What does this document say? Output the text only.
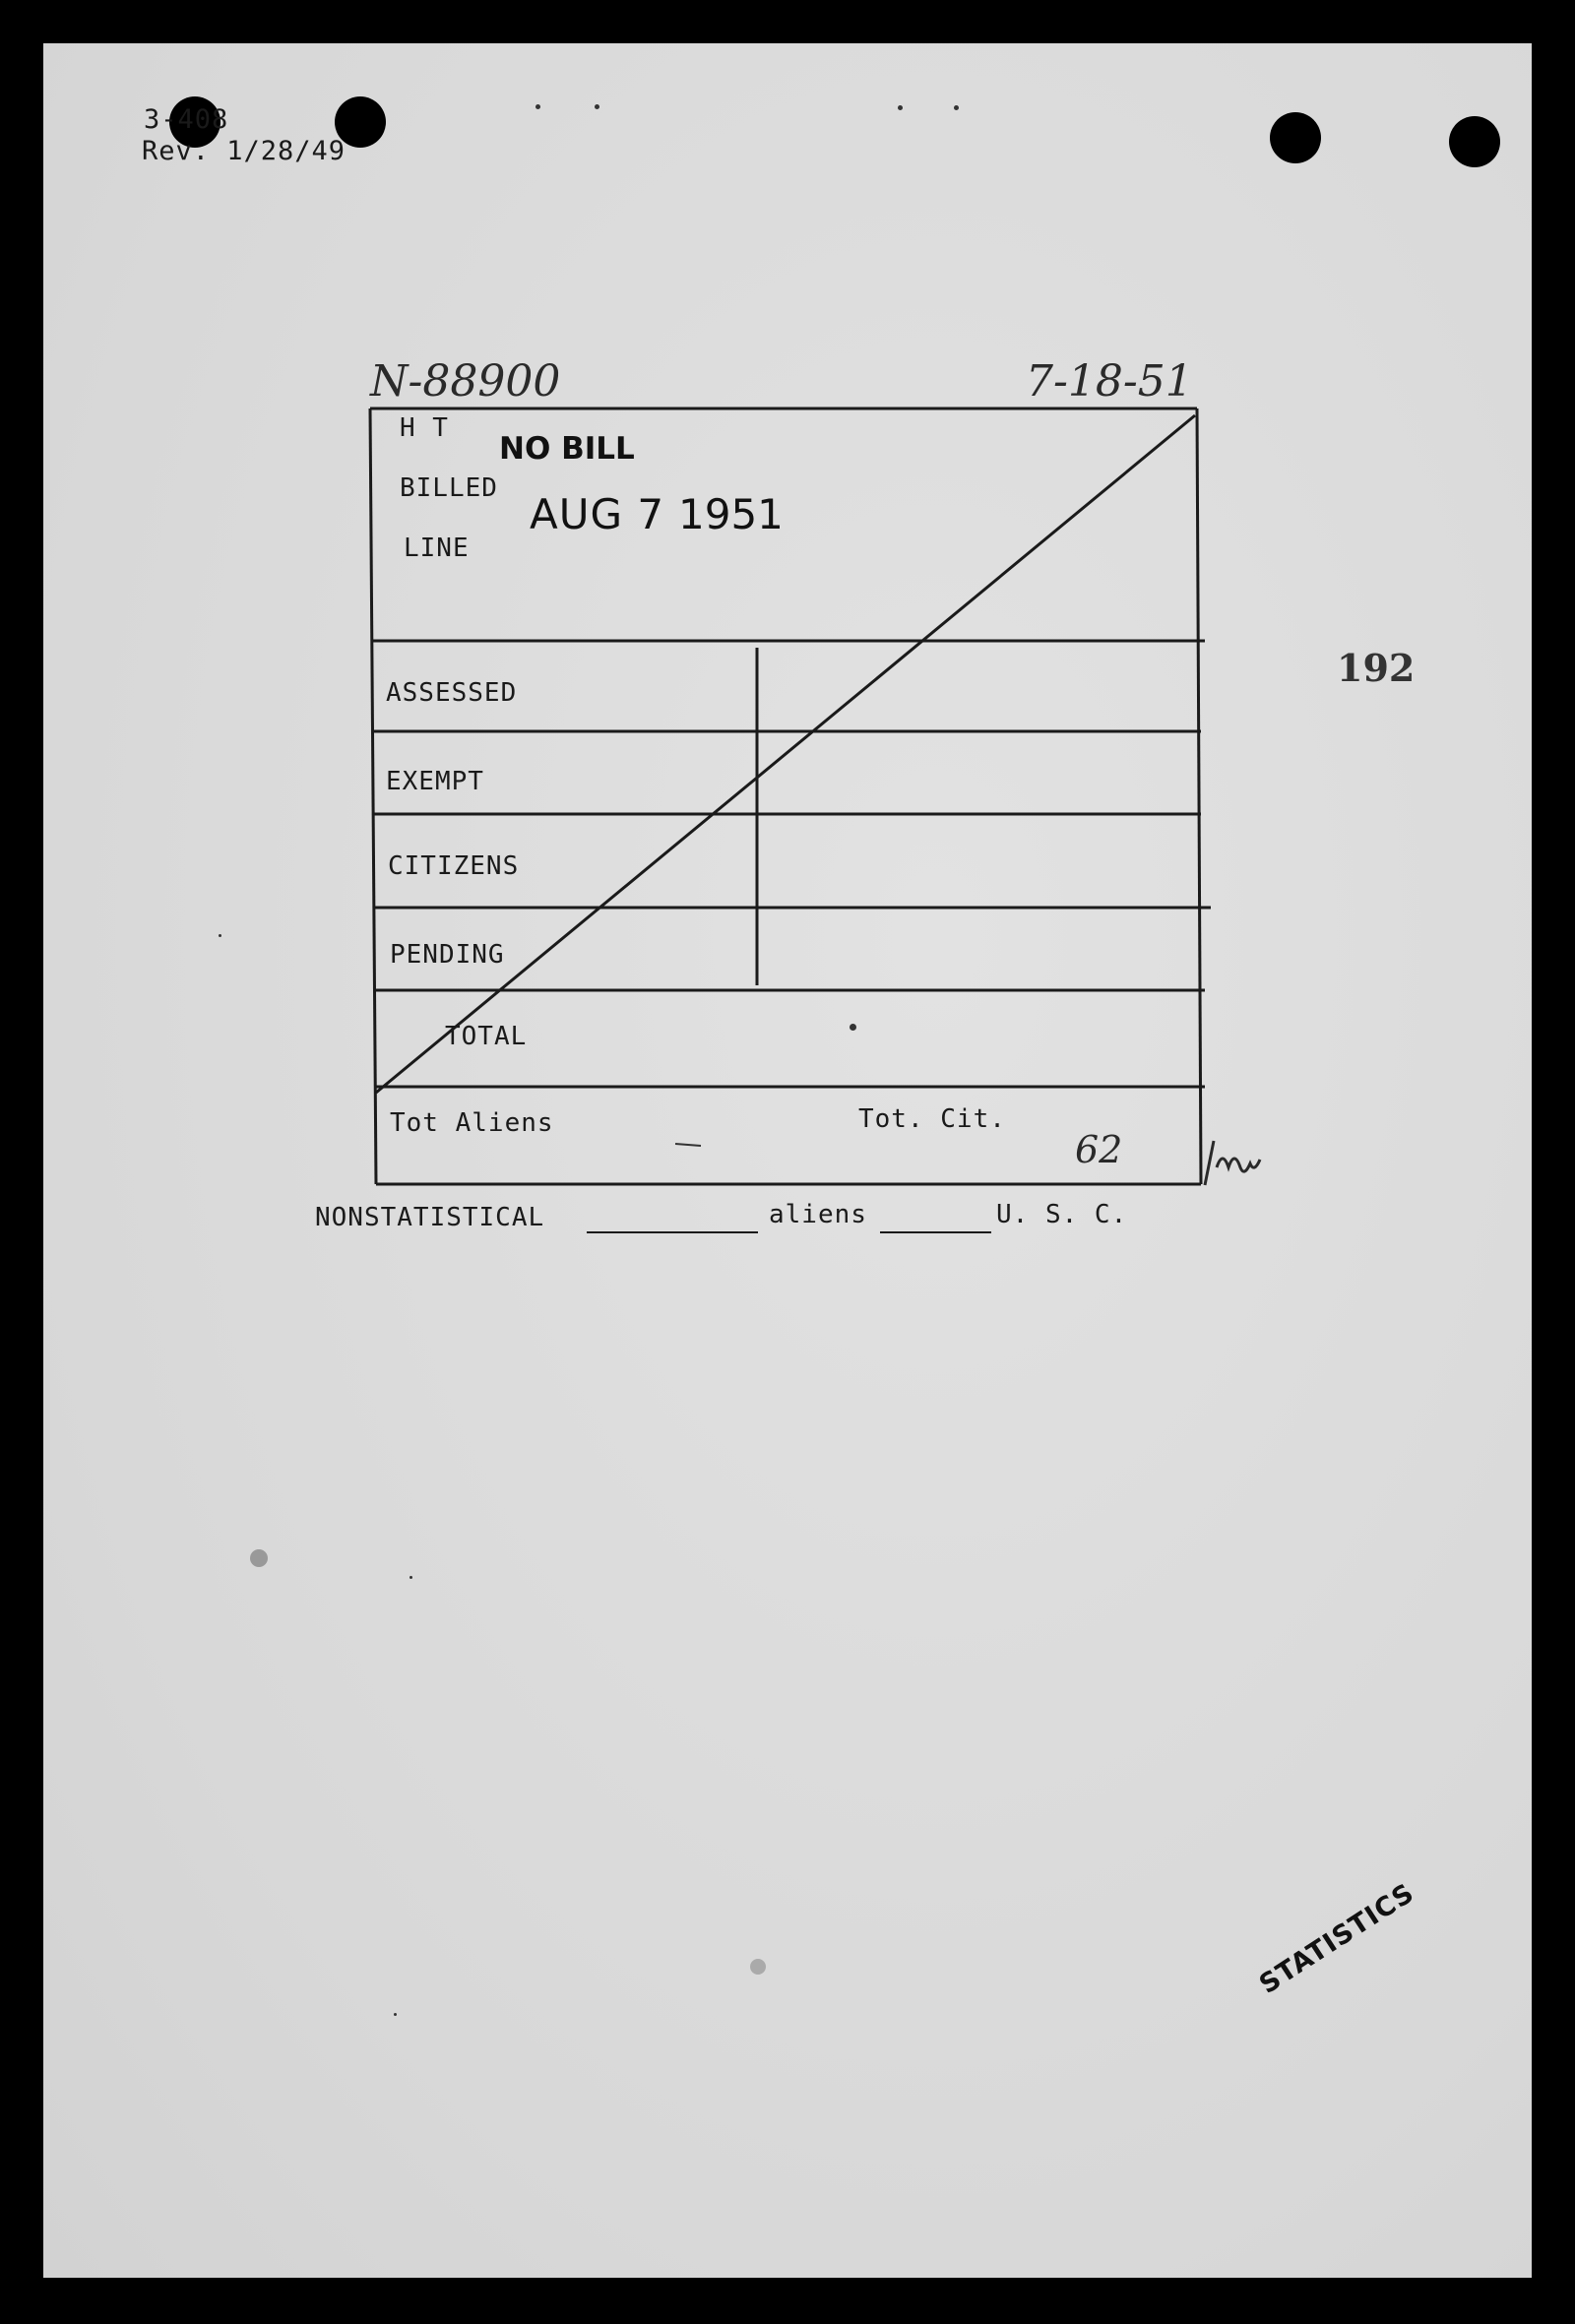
3-408
Rev. 1/28/49
N-88900	7-18-51
192
H T
BILLED
LINE
NO BILL
AUG 7 1951
ASSESSED
EXEMPT
CITIZENS
PENDING
TOTAL
Tot Aliens	Tot. Cit.
62
NONSTATISTICAL	aliens	U. S. C.
STATISTICS
